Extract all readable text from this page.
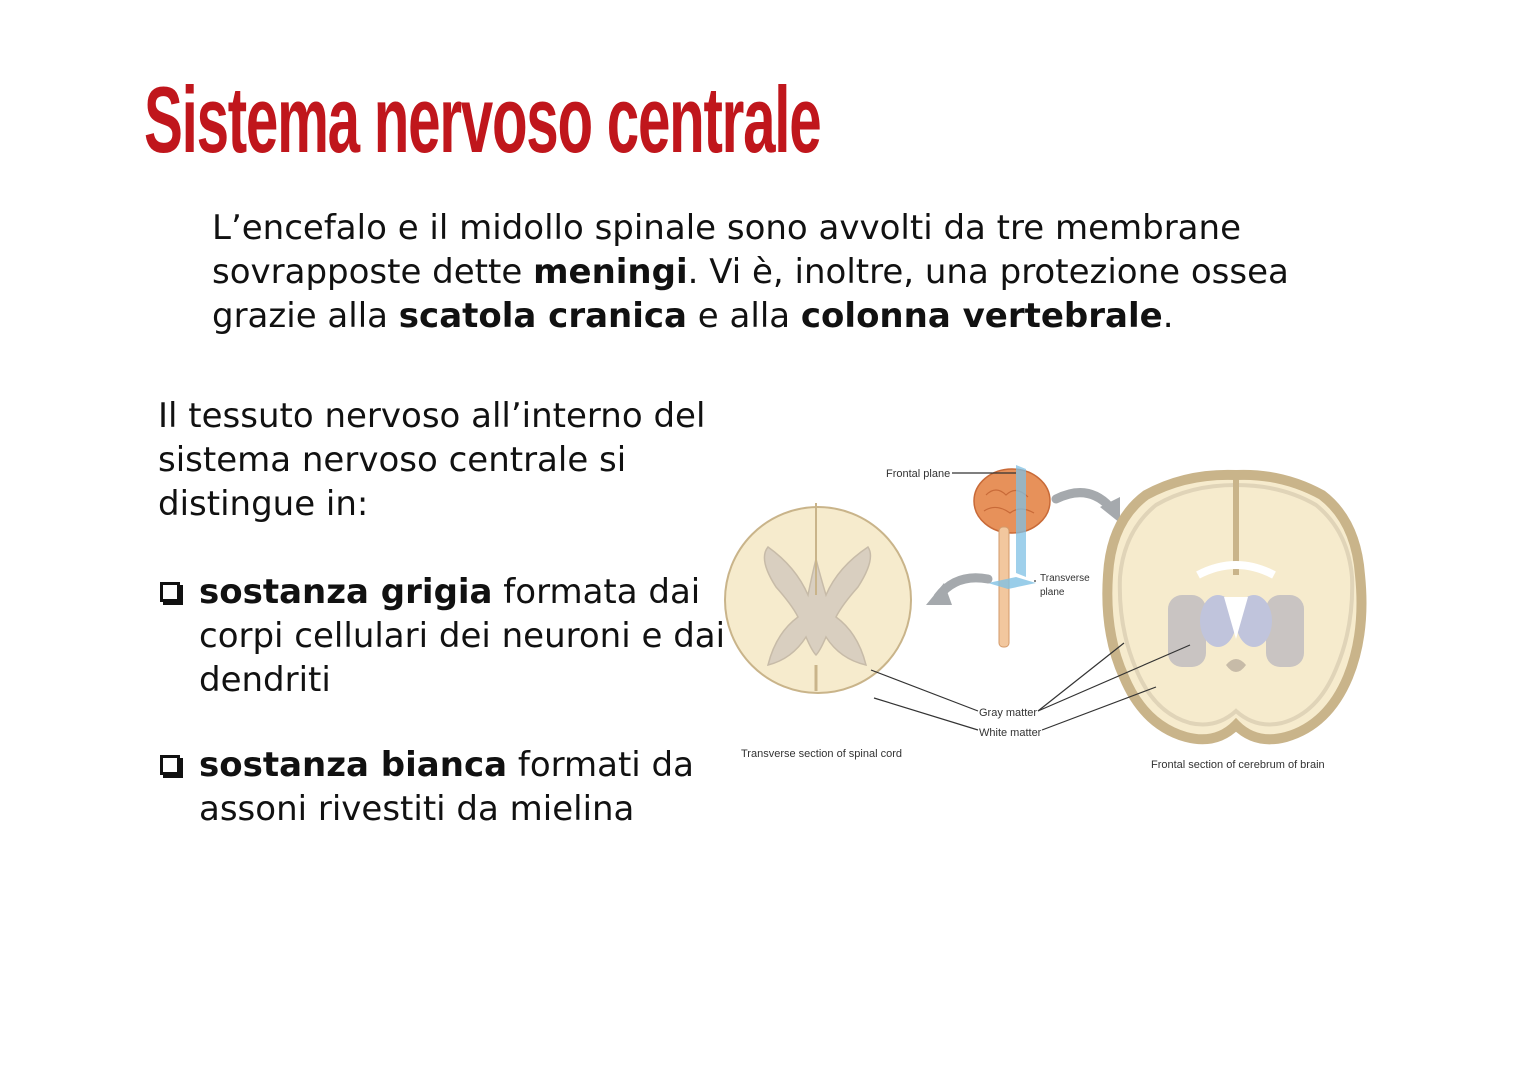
Sistema nervoso centrale

L’encefalo e il midollo spinale sono avvolti da tre membrane sovrapposte dette meningi. Vi è, inoltre, una protezione ossea grazie alla scatola cranica e alla colonna vertebrale.

Il tessuto nervoso all’interno del sistema nervoso centrale si distingue in:

sostanza grigia formata dai corpi cellulari dei neuroni e dai dendriti
sostanza bianca formati da assoni rivestiti da mielina
Frontal plane
Transverse
plane
Gray matter
White matter
Transverse section of spinal cord
Frontal section of cerebrum of brain
